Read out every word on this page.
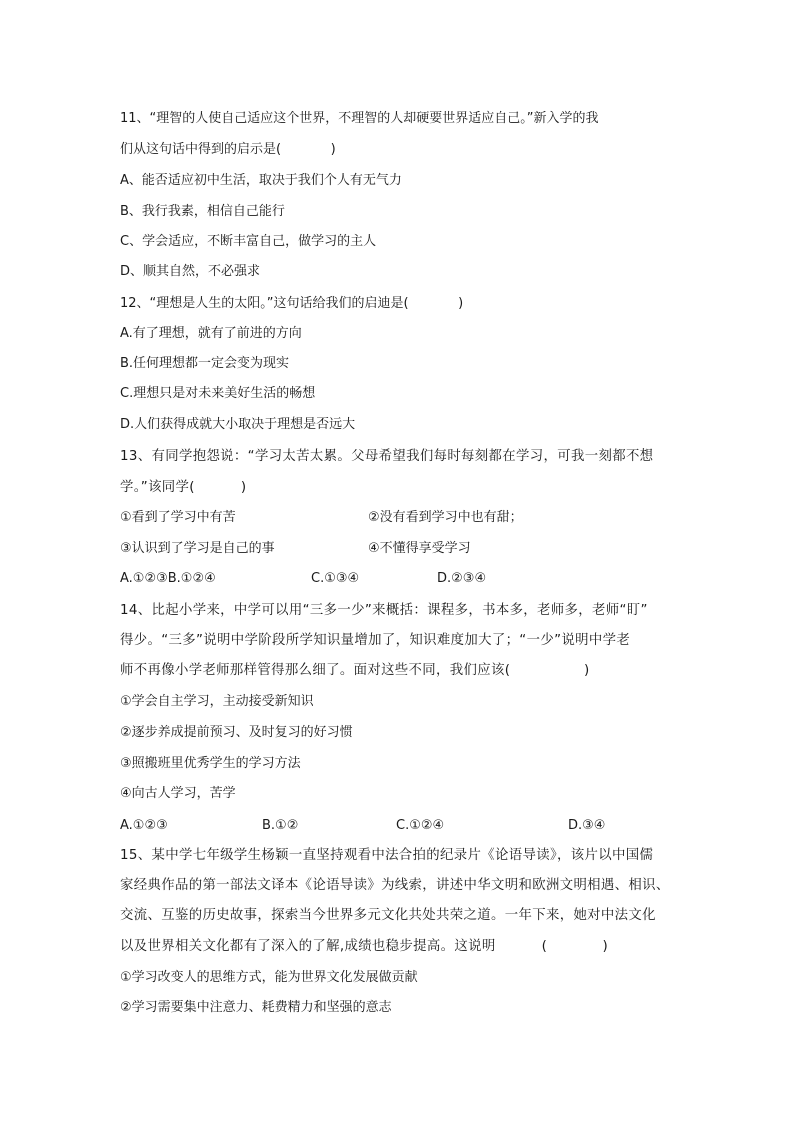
11、“理智的人使自己适应这个世界，不理智的人却硬要世界适应自己。”新入学的我
们从这句话中得到的启示是(            )
A、能否适应初中生活，取决于我们个人有无气力
B、我行我素，相信自己能行
C、学会适应，不断丰富自己，做学习的主人
D、顺其自然，不必强求
12、“理想是人生的太阳。”这句话给我们的启迪是(            )
A.有了理想，就有了前进的方向
B.任何理想都一定会变为现实
C.理想只是对未来美好生活的畅想
D.人们获得成就大小取决于理想是否远大
13、有同学抱怨说：“学习太苦太累。父母希望我们每时每刻都在学习，可我一刻都不想
学。”该同学(          )
①看到了学习中有苦	②没有看到学习中也有甜；
③认识到了学习是自己的事	④不懂得享受学习
A.①②③B.①②④	C.①③④	D.②③④
14、比起小学来，中学可以用“三多一少”来概括：课程多，书本多，老师多，老师“盯”
得少。“三多”说明中学阶段所学知识量增加了，知识难度加大了；“一少”说明中学老
师不再像小学老师那样管得那么细了。面对这些不同，我们应该(                )
①学会自主学习，主动接受新知识
②逐步养成提前预习、及时复习的好习惯
③照搬班里优秀学生的学习方法
④向古人学习，苦学
A.①②③	B.①②	C.①②④	D.③④
15、某中学七年级学生杨颖一直坚持观看中法合拍的纪录片《论语导读》，该片以中国儒
家经典作品的第一部法文译本《论语导读》为线索，讲述中华文明和欧洲文明相遇、相识、
交流、互鉴的历史故事，探索当今世界多元文化共处共荣之道。一年下来，她对中法文化
以及世界相关文化都有了深入的了解,成绩也稳步提高。这说明          (            )
①学习改变人的思维方式，能为世界文化发展做贡献
②学习需要集中注意力、耗费精力和坚强的意志
